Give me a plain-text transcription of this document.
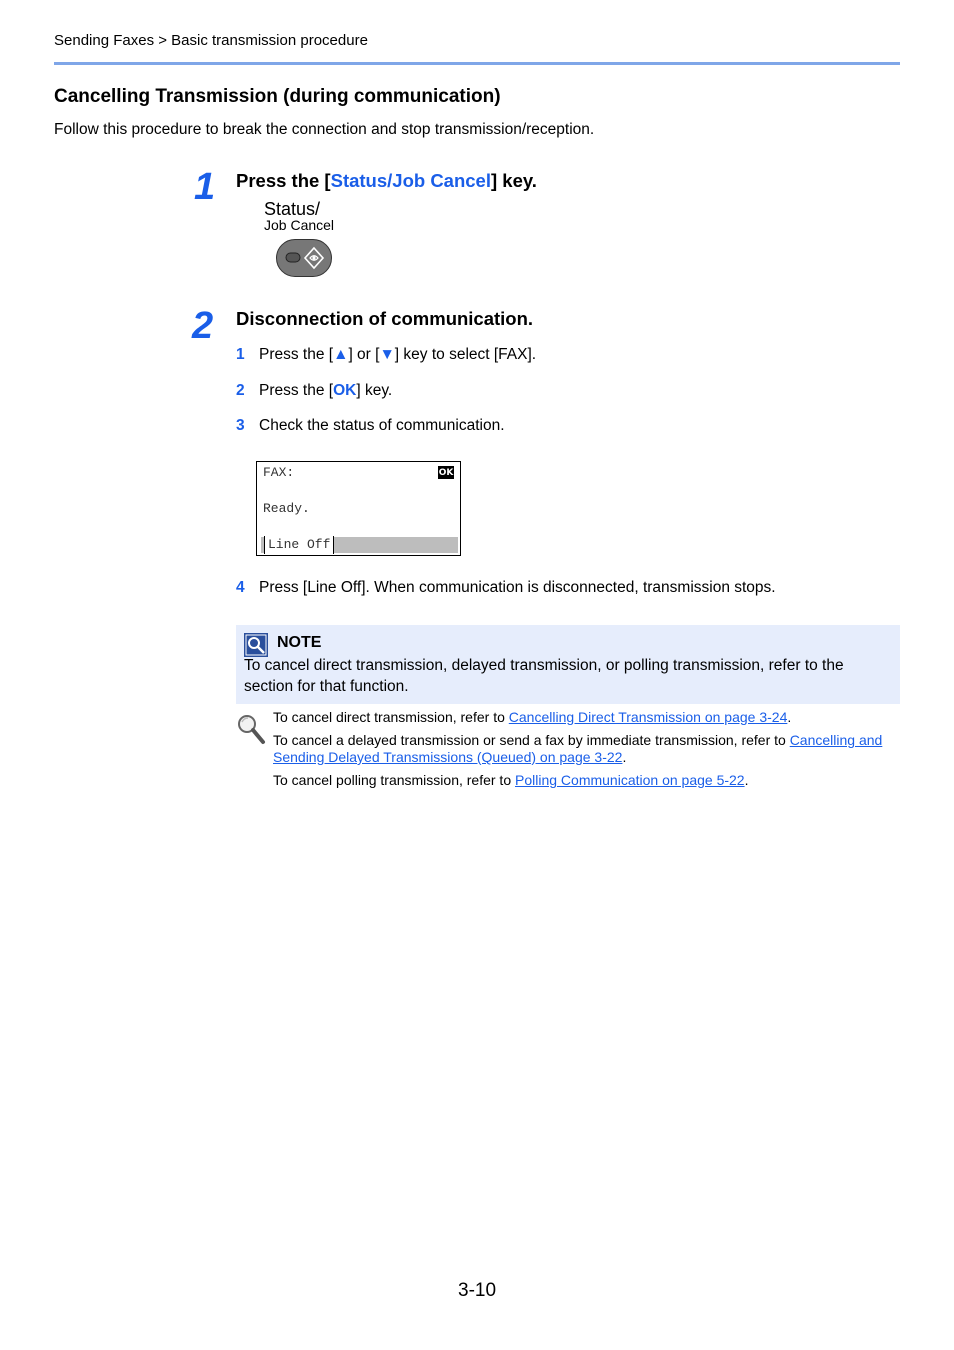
Sending Faxes > Basic transmission procedure
Cancelling Transmission (during communication)
Follow this procedure to break the connection and stop transmission/reception.
1 Press the [Status/Job Cancel] key.
Status/
Job Cancel
2 Disconnection of communication.
1 Press the [▲] or [▼] key to select [FAX].
2 Press the [OK] key.
3 Check the status of communication.
FAX:	OK
Ready.
Line Off
4 Press [Line Off]. When communication is disconnected, transmission stops.
NOTE
To cancel direct transmission, delayed transmission, or polling transmission, refer to the section for that function.
To cancel direct transmission, refer to Cancelling Direct Transmission on page 3-24.
To cancel a delayed transmission or send a fax by immediate transmission, refer to Cancelling and Sending Delayed Transmissions (Queued) on page 3-22.
To cancel polling transmission, refer to Polling Communication on page 5-22.
3-10
